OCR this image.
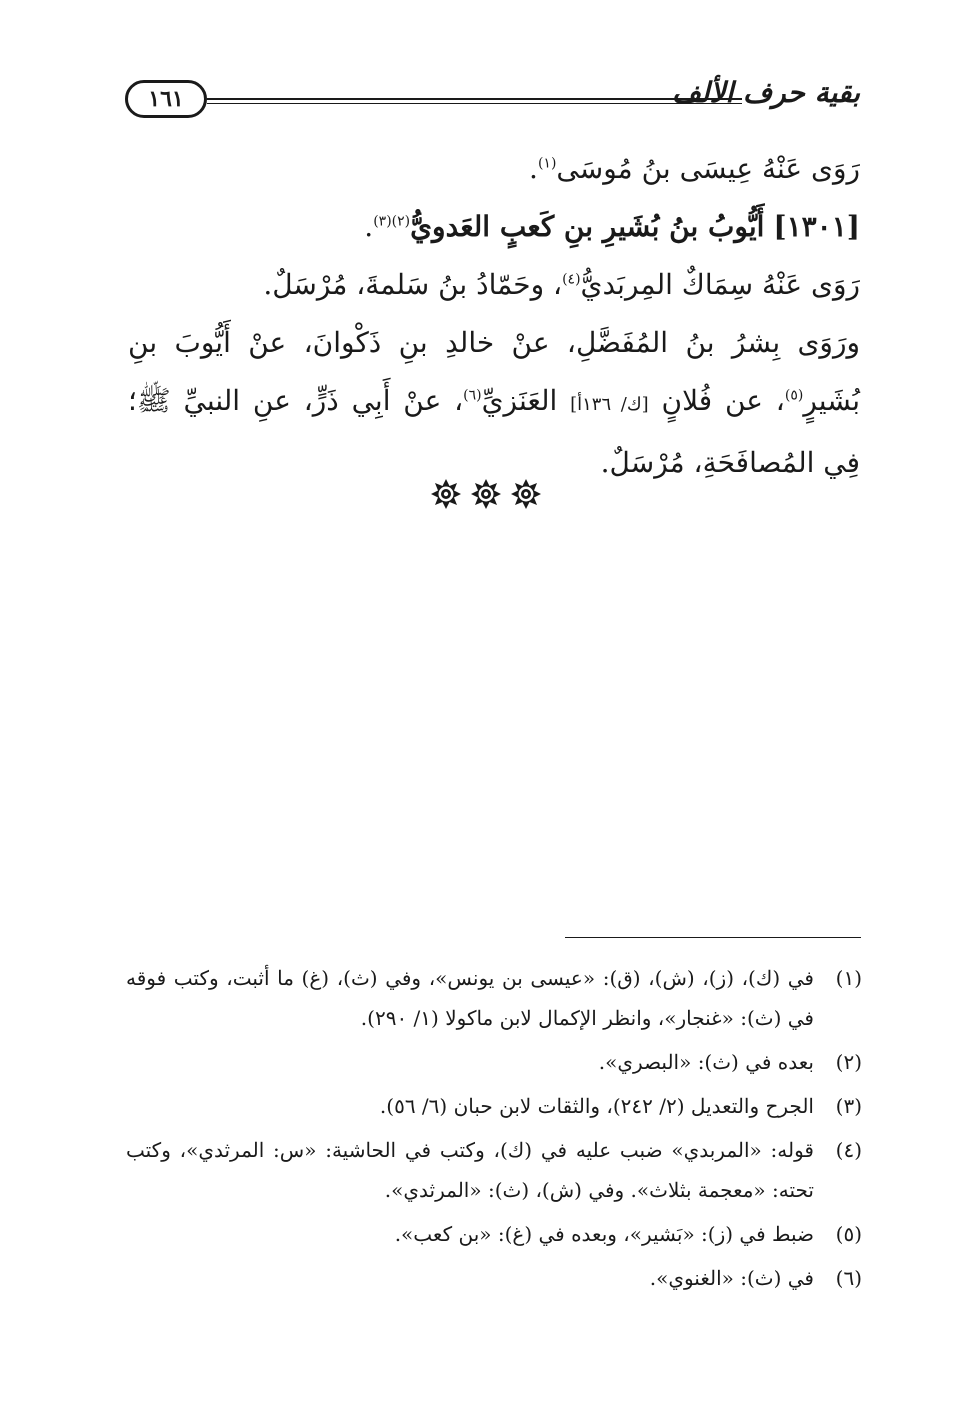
١٦١	بقية حرف الألف

رَوَى عَنْهُ عِيسَى بنُ مُوسَى$^{(١)}$.

[١٣٠١] أَيُّوبُ بنُ بُشَيرِ بنِ كَعبٍ العَدويُّ$^{(٢)(٣)}$.

رَوَى عَنْهُ سِمَاكٌ المِربَديُّ$^{(٤)}$، وحَمّادُ بنُ سَلمةَ، مُرْسَلٌ.

ورَوَى بِشرُ بنُ المُفَضَّلِ، عنْ خالدِ بنِ ذَكْوانَ، عنْ أَيُّوبَ بنِ بُشَيرٍ$^{(٥)}$، عن فُلانٍ [ك/ ١٣٦أ] العَنَزيِّ$^{(٦)}$، عنْ أَبِي ذَرٍّ، عنِ النبيِّ ﷺ؛ فِي المُصافَحَةِ، مُرْسَلٌ.

(١)
في (ك)، (ز)، (ش)، (ق): «عيسى بن يونس»، وفي (ث)، (غ) ما أثبت، وكتب فوقه في (ث): «غنجار»، وانظر الإكمال لابن ماكولا (١/ ٢٩٠).
(٢)
بعده في (ث): «البصري».
(٣)
الجرح والتعديل (٢/ ٢٤٢)، والثقات لابن حبان (٦/ ٥٦).
(٤)
قوله: «المربدي» ضبب عليه في (ك)، وكتب في الحاشية: «س: المرثدي»، وكتب تحته: «معجمة بثلاث». وفي (ش)، (ث): «المرثدي».
(٥)
ضبط في (ز): «بَشير»، وبعده في (غ): «بن كعب».
(٦)
في (ث): «الغنوي».
